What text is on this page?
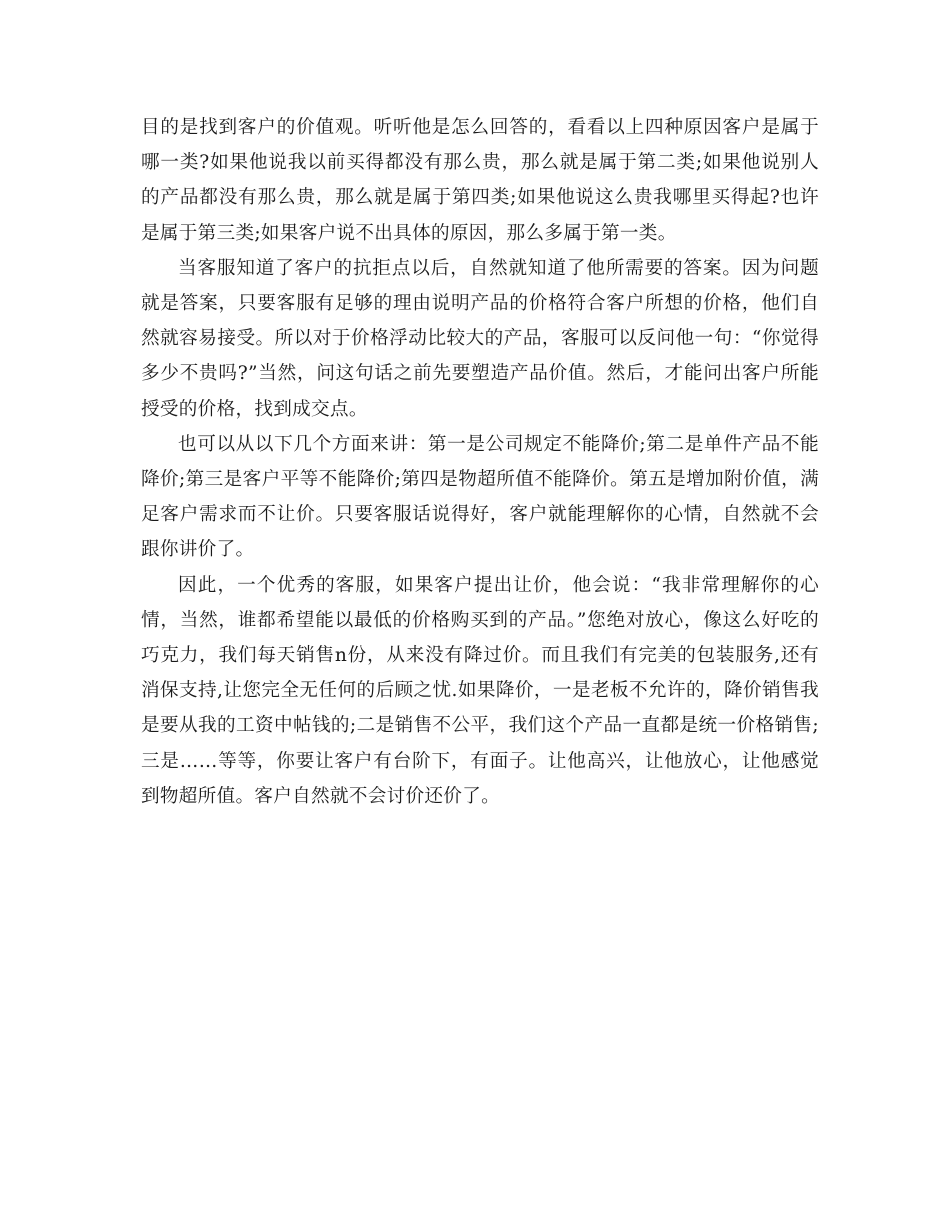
目的是找到客户的价值观。听听他是怎么回答的，看看以上四种原因客户是属于哪一类?如果他说我以前买得都没有那么贵，那么就是属于第二类;如果他说别人的产品都没有那么贵，那么就是属于第四类;如果他说这么贵我哪里买得起?也许是属于第三类;如果客户说不出具体的原因，那么多属于第一类。

当客服知道了客户的抗拒点以后，自然就知道了他所需要的答案。因为问题就是答案，只要客服有足够的理由说明产品的价格符合客户所想的价格，他们自然就容易接受。所以对于价格浮动比较大的产品，客服可以反问他一句：“你觉得多少不贵吗?”当然，问这句话之前先要塑造产品价值。然后，才能问出客户所能授受的价格，找到成交点。

也可以从以下几个方面来讲：第一是公司规定不能降价;第二是单件产品不能降价;第三是客户平等不能降价;第四是物超所值不能降价。第五是增加附价值，满足客户需求而不让价。只要客服话说得好，客户就能理解你的心情，自然就不会跟你讲价了。

因此，一个优秀的客服，如果客户提出让价，他会说：“我非常理解你的心情，当然，谁都希望能以最低的价格购买到的产品。”您绝对放心，像这么好吃的巧克力，我们每天销售n份，从来没有降过价。而且我们有完美的包装服务,还有消保支持,让您完全无任何的后顾之忧.如果降价，一是老板不允许的，降价销售我是要从我的工资中帖钱的;二是销售不公平，我们这个产品一直都是统一价格销售;三是……等等，你要让客户有台阶下，有面子。让他高兴，让他放心，让他感觉到物超所值。客户自然就不会讨价还价了。
